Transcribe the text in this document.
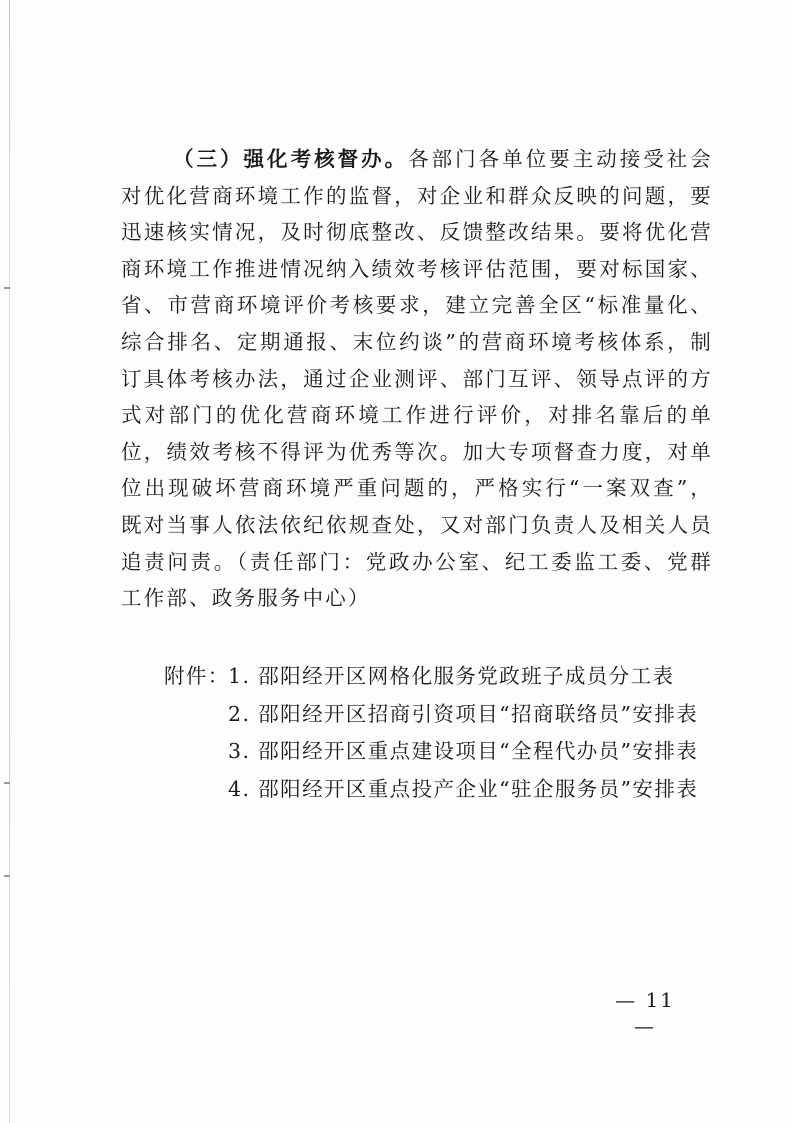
（三）强化考核督办。各部门各单位要主动接受社会对优化营商环境工作的监督，对企业和群众反映的问题，要迅速核实情况，及时彻底整改、反馈整改结果。要将优化营商环境工作推进情况纳入绩效考核评估范围，要对标国家、省、市营商环境评价考核要求，建立完善全区“标准量化、综合排名、定期通报、末位约谈”的营商环境考核体系，制订具体考核办法，通过企业测评、部门互评、领导点评的方式对部门的优化营商环境工作进行评价，对排名靠后的单位，绩效考核不得评为优秀等次。加大专项督查力度，对单位出现破坏营商环境严重问题的，严格实行“一案双查”，既对当事人依法依纪依规查处，又对部门负责人及相关人员追责问责。（责任部门：党政办公室、纪工委监工委、党群工作部、政务服务中心）

附件：1. 邵阳经开区网格化服务党政班子成员分工表
2. 邵阳经开区招商引资项目“招商联络员”安排表
3. 邵阳经开区重点建设项目“全程代办员”安排表
4. 邵阳经开区重点投产企业“驻企服务员”安排表
— 11 —
